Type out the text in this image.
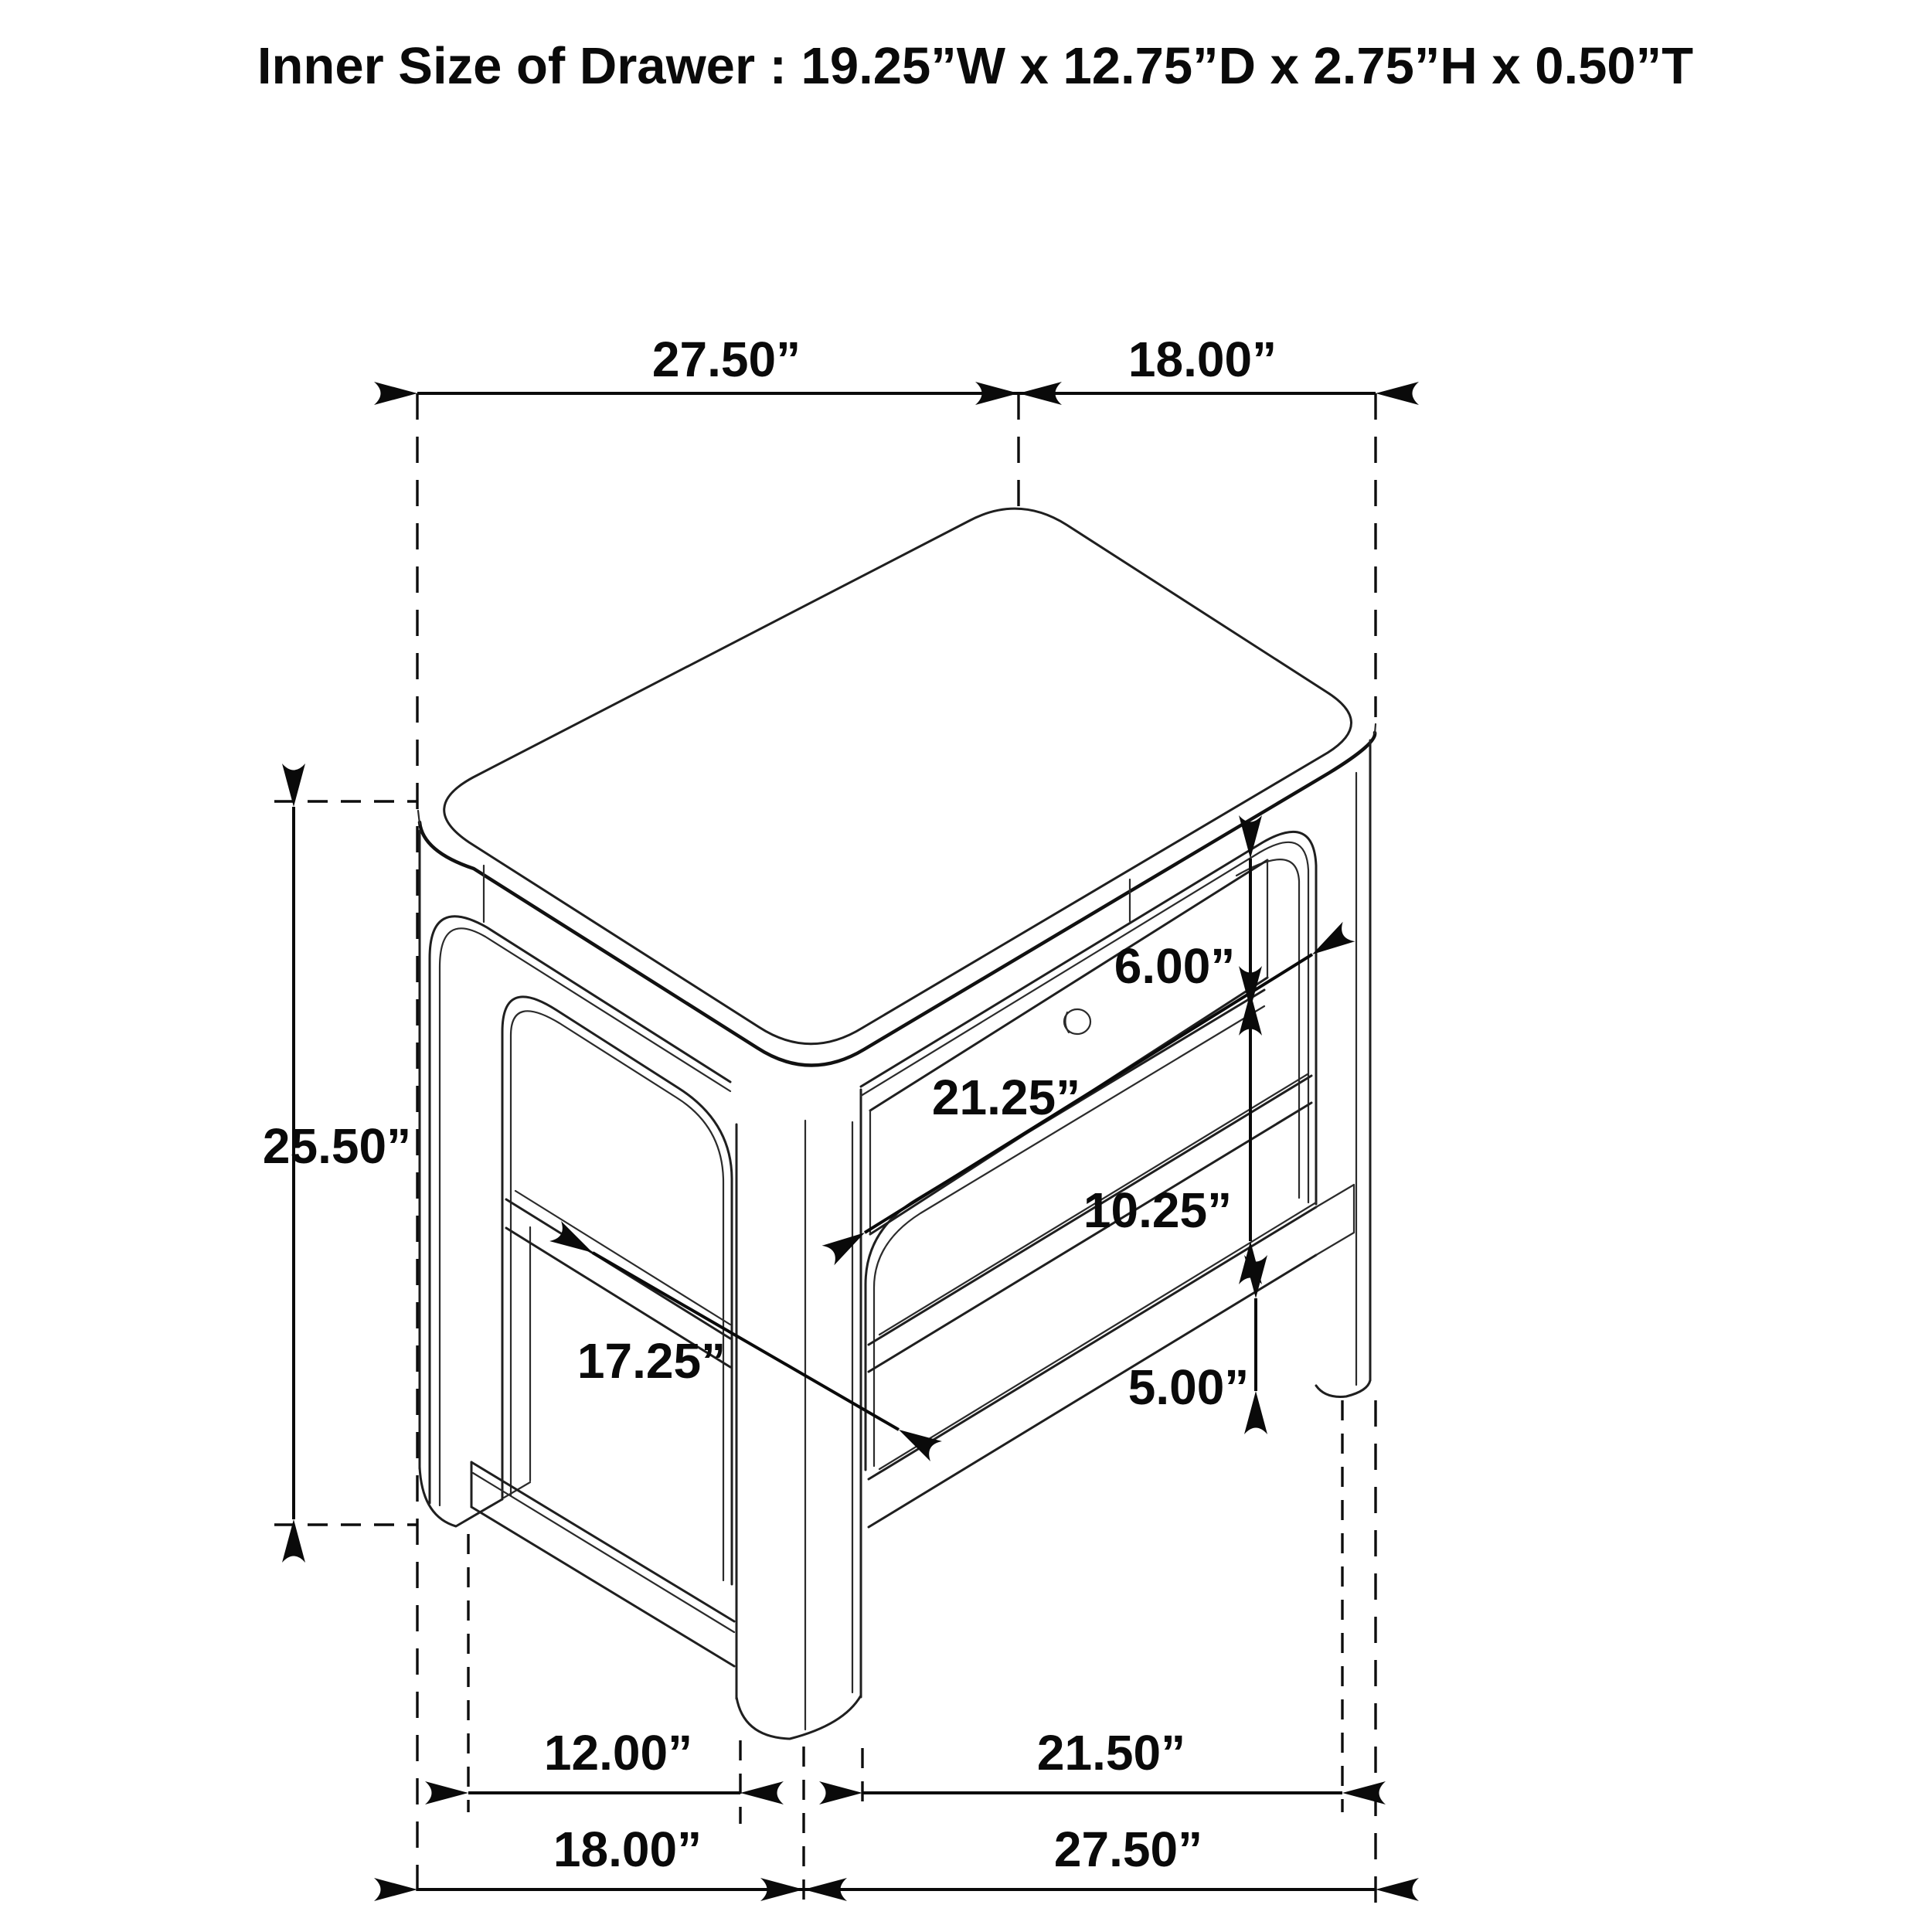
Inner Size of Drawer : 19.25”W x 12.75”D x 2.75”H x 0.50”T
27.50”	18.00”
25.50”
6.00”
21.25”
10.25”
17.25”	5.00”
12.00”	21.50”
18.00”	27.50”
